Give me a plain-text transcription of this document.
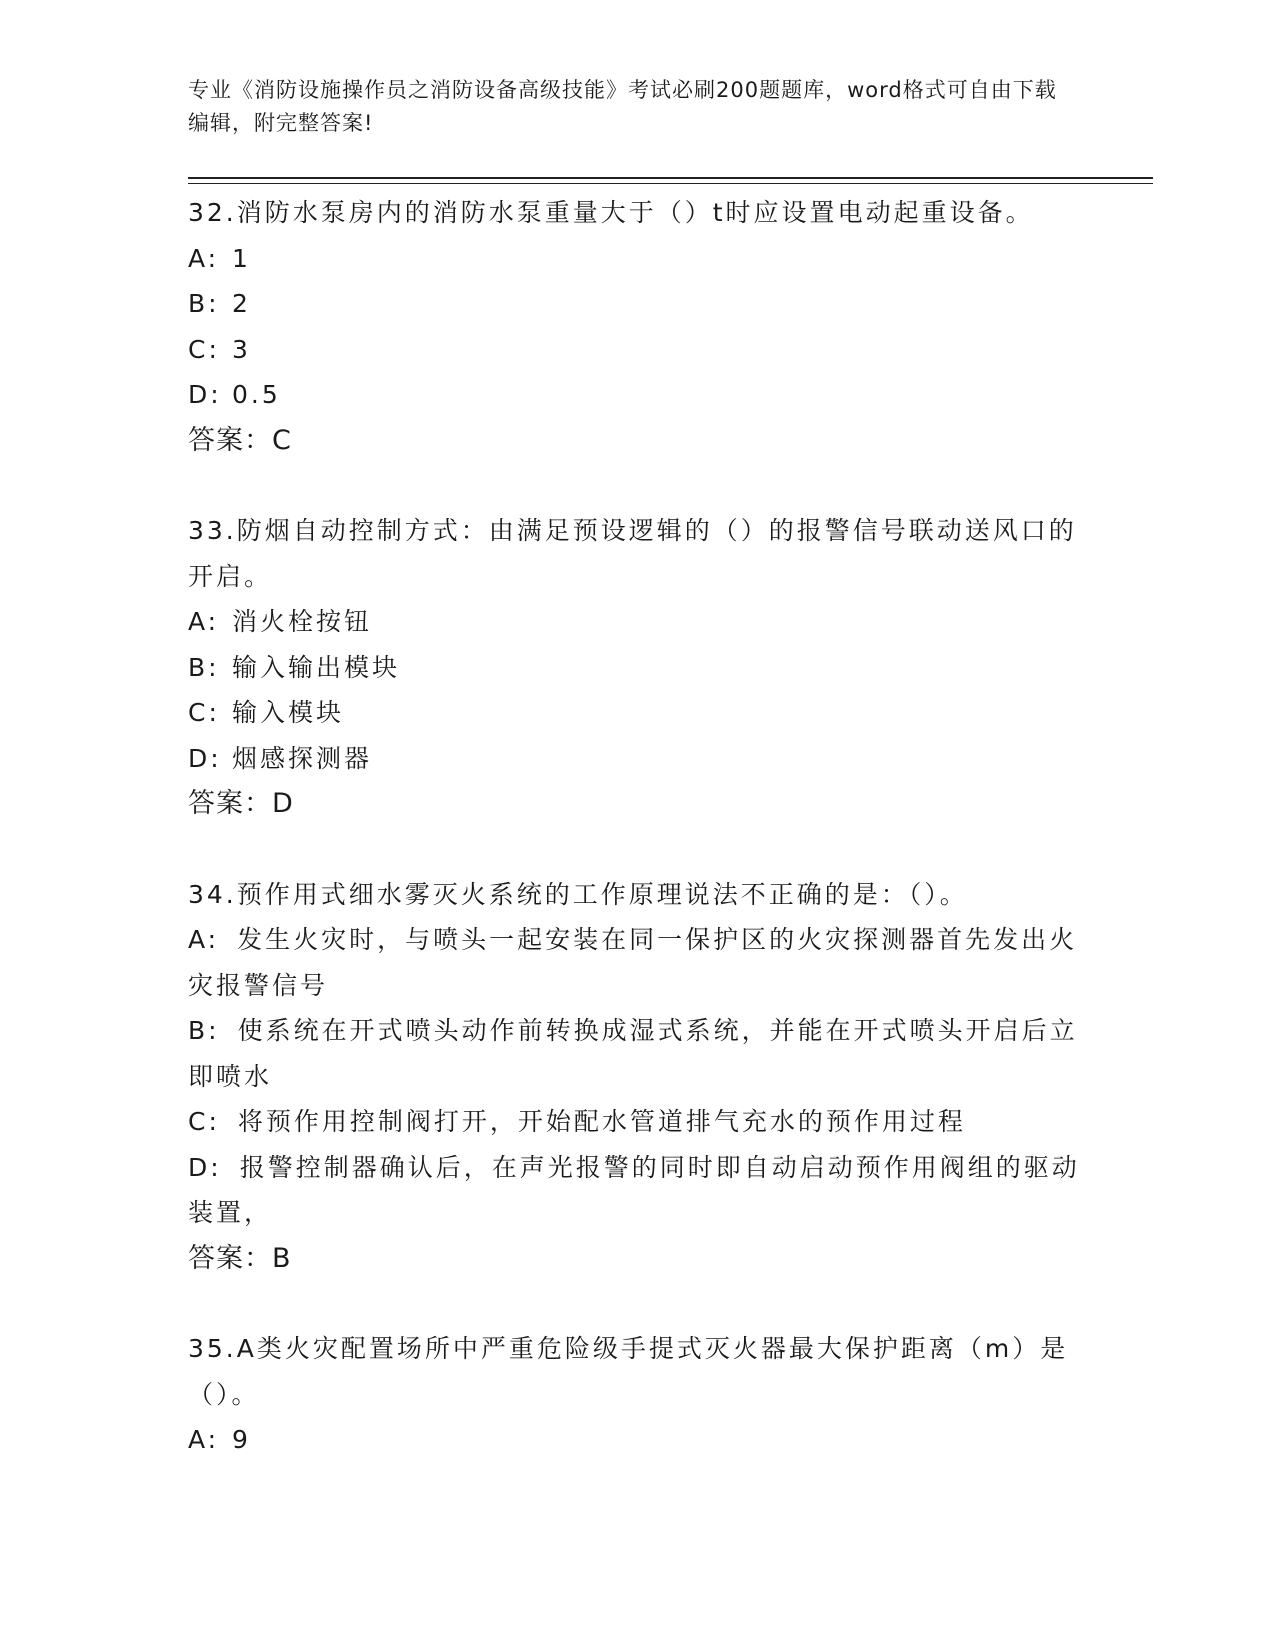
专业《消防设施操作员之消防设备高级技能》考试必刷200题题库，word格式可自由下载编辑，附完整答案!
32.消防水泵房内的消防水泵重量大于（）t时应设置电动起重设备。
A: 1
B: 2
C: 3
D: 0.5
答案：C
33.防烟自动控制方式：由满足预设逻辑的（）的报警信号联动送风口的开启。
A: 消火栓按钮
B: 输入输出模块
C: 输入模块
D: 烟感探测器
答案：D
34.预作用式细水雾灭火系统的工作原理说法不正确的是：（）。
A: 发生火灾时，与喷头一起安装在同一保护区的火灾探测器首先发出火灾报警信号
B: 使系统在开式喷头动作前转换成湿式系统，并能在开式喷头开启后立即喷水
C: 将预作用控制阀打开，开始配水管道排气充水的预作用过程
D: 报警控制器确认后，在声光报警的同时即自动启动预作用阀组的驱动装置，
答案：B
35.A类火灾配置场所中严重危险级手提式灭火器最大保护距离（m）是（）。
A: 9
